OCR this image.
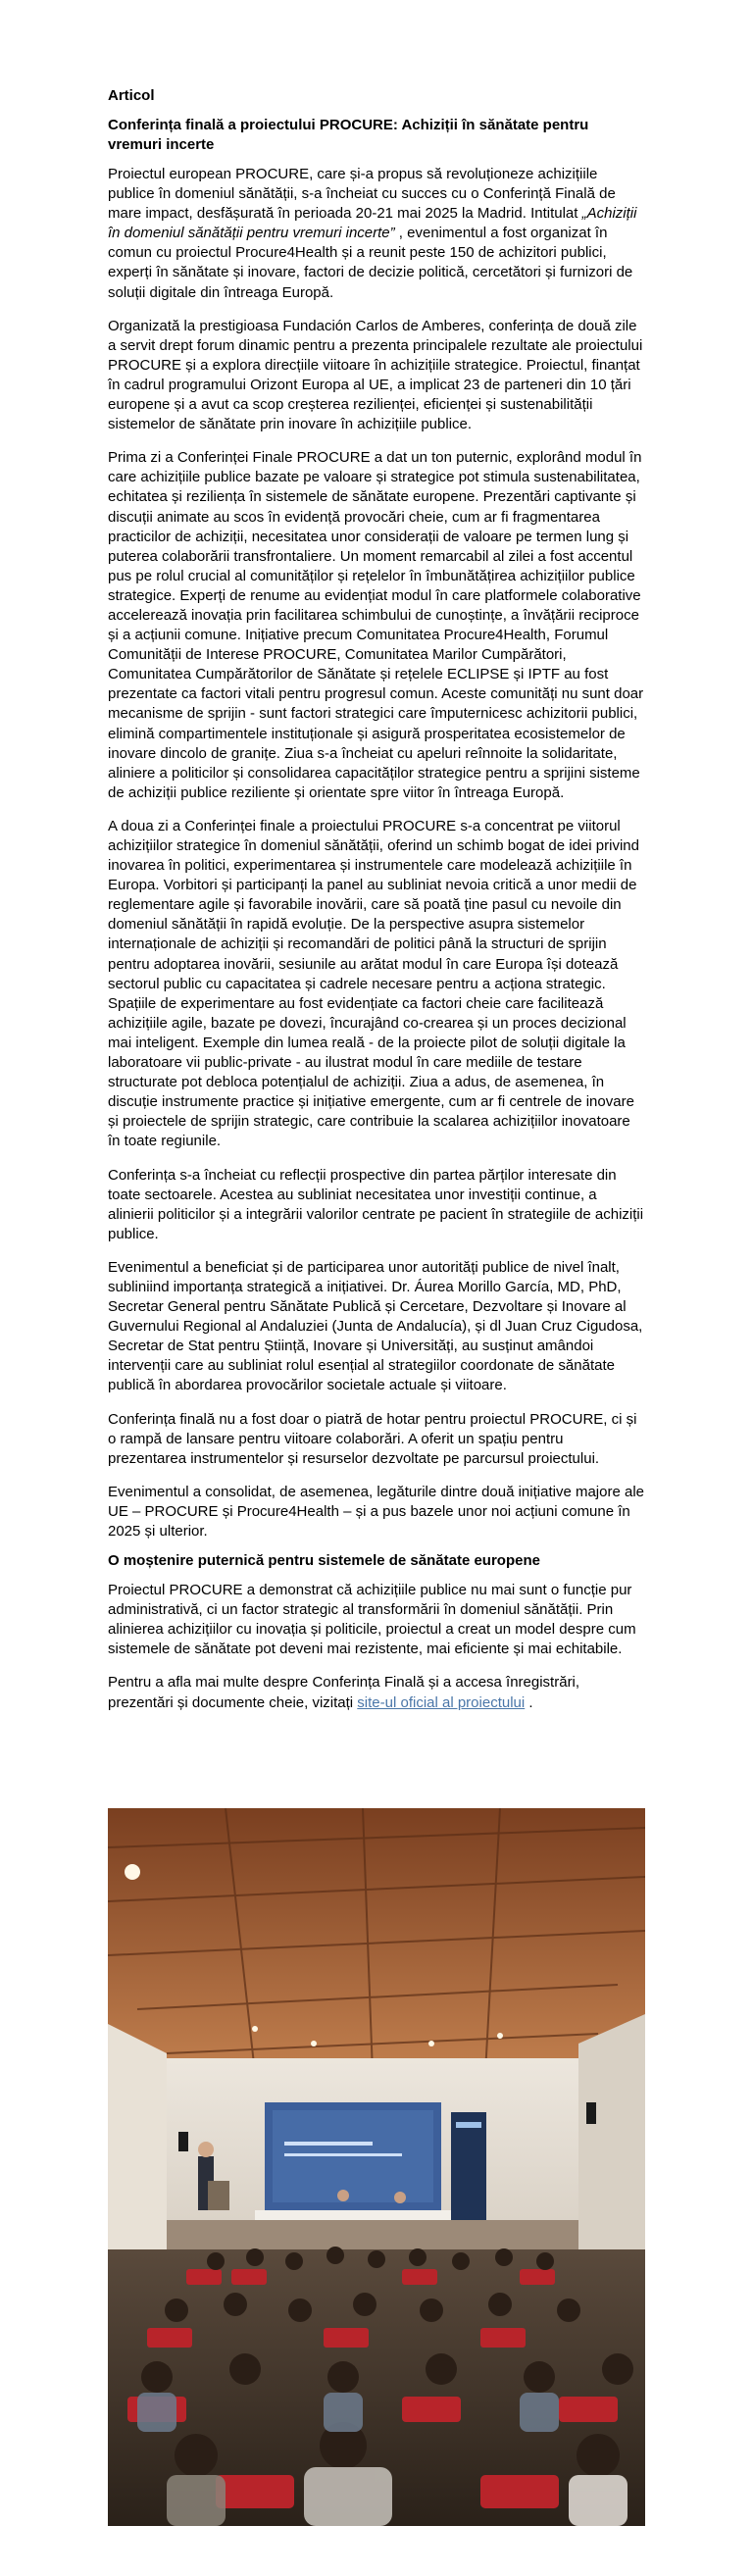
Articol
Conferința finală a proiectului PROCURE: Achiziții în sănătate pentru vremuri incerte

Proiectul european PROCURE, care și-a propus să revoluționeze achizițiile publice în domeniul sănătății, s-a încheiat cu succes cu o Conferință Finală de mare impact, desfășurată în perioada 20-21 mai 2025 la Madrid. Intitulat „Achiziții în domeniul sănătății pentru vremuri incerte” , evenimentul a fost organizat în comun cu proiectul Procure4Health și a reunit peste 150 de achizitori publici, experți în sănătate și inovare, factori de decizie politică, cercetători și furnizori de soluții digitale din întreaga Europă.

Organizată la prestigioasa Fundación Carlos de Amberes, conferința de două zile a servit drept forum dinamic pentru a prezenta principalele rezultate ale proiectului PROCURE și a explora direcțiile viitoare în achizițiile strategice. Proiectul, finanțat în cadrul programului Orizont Europa al UE, a implicat 23 de parteneri din 10 țări europene și a avut ca scop creșterea rezilienței, eficienței și sustenabilității sistemelor de sănătate prin inovare în achizițiile publice.

Prima zi a Conferinței Finale PROCURE a dat un ton puternic, explorând modul în care achizițiile publice bazate pe valoare și strategice pot stimula sustenabilitatea, echitatea și reziliența în sistemele de sănătate europene. Prezentări captivante și discuții animate au scos în evidență provocări cheie, cum ar fi fragmentarea practicilor de achiziții, necesitatea unor considerații de valoare pe termen lung și puterea colaborării transfrontaliere. Un moment remarcabil al zilei a fost accentul pus pe rolul crucial al comunităților și rețelelor în îmbunătățirea achizițiilor publice strategice. Experți de renume au evidențiat modul în care platformele colaborative accelerează inovația prin facilitarea schimbului de cunoștințe, a învățării reciproce și a acțiunii comune. Inițiative precum Comunitatea Procure4Health, Forumul Comunității de Interese PROCURE, Comunitatea Marilor Cumpărători, Comunitatea Cumpărătorilor de Sănătate și rețelele ECLIPSE și IPTF au fost prezentate ca factori vitali pentru progresul comun. Aceste comunități nu sunt doar mecanisme de sprijin - sunt factori strategici care împuternicesc achizitorii publici, elimină compartimentele instituționale și asigură prosperitatea ecosistemelor de inovare dincolo de granițe. Ziua s-a încheiat cu apeluri reînnoite la solidaritate, aliniere a politicilor și consolidarea capacităților strategice pentru a sprijini sisteme de achiziții publice reziliente și orientate spre viitor în întreaga Europă.

A doua zi a Conferinței finale a proiectului PROCURE s-a concentrat pe viitorul achizițiilor strategice în domeniul sănătății, oferind un schimb bogat de idei privind inovarea în politici, experimentarea și instrumentele care modelează achizițiile în Europa. Vorbitori și participanți la panel au subliniat nevoia critică a unor medii de reglementare agile și favorabile inovării, care să poată ține pasul cu nevoile din domeniul sănătății în rapidă evoluție. De la perspective asupra sistemelor internaționale de achiziții și recomandări de politici până la structuri de sprijin pentru adoptarea inovării, sesiunile au arătat modul în care Europa își dotează sectorul public cu capacitatea și cadrele necesare pentru a acționa strategic. Spațiile de experimentare au fost evidențiate ca factori cheie care facilitează achizițiile agile, bazate pe dovezi, încurajând co-crearea și un proces decizional mai inteligent. Exemple din lumea reală - de la proiecte pilot de soluții digitale la laboratoare vii public-private - au ilustrat modul în care mediile de testare structurate pot debloca potențialul de achiziții. Ziua a adus, de asemenea, în discuție instrumente practice și inițiative emergente, cum ar fi centrele de inovare și proiectele de sprijin strategic, care contribuie la scalarea achizițiilor inovatoare în toate regiunile.

Conferința s-a încheiat cu reflecții prospective din partea părților interesate din toate sectoarele. Acestea au subliniat necesitatea unor investiții continue, a alinierii politicilor și a integrării valorilor centrate pe pacient în strategiile de achiziții publice.

Evenimentul a beneficiat și de participarea unor autorități publice de nivel înalt, subliniind importanța strategică a inițiativei. Dr. Áurea Morillo García, MD, PhD, Secretar General pentru Sănătate Publică și Cercetare, Dezvoltare și Inovare al Guvernului Regional al Andaluziei (Junta de Andalucía), și dl Juan Cruz Cigudosa, Secretar de Stat pentru Știință, Inovare și Universități, au susținut amândoi intervenții care au subliniat rolul esențial al strategiilor coordonate de sănătate publică în abordarea provocărilor societale actuale și viitoare.

Conferința finală nu a fost doar o piatră de hotar pentru proiectul PROCURE, ci și o rampă de lansare pentru viitoare colaborări. A oferit un spațiu pentru prezentarea instrumentelor și resurselor dezvoltate pe parcursul proiectului.

Evenimentul a consolidat, de asemenea, legăturile dintre două inițiative majore ale UE – PROCURE și Procure4Health – și a pus bazele unor noi acțiuni comune în 2025 și ulterior.

O moștenire puternică pentru sistemele de sănătate europene

Proiectul PROCURE a demonstrat că achizițiile publice nu mai sunt o funcție pur administrativă, ci un factor strategic al transformării în domeniul sănătății. Prin alinierea achizițiilor cu inovația și politicile, proiectul a creat un model despre cum sistemele de sănătate pot deveni mai rezistente, mai eficiente și mai echitabile.

Pentru a afla mai multe despre Conferința Finală și a accesa înregistrări, prezentări și documente cheie, vizitați site-ul oficial al proiectului .
